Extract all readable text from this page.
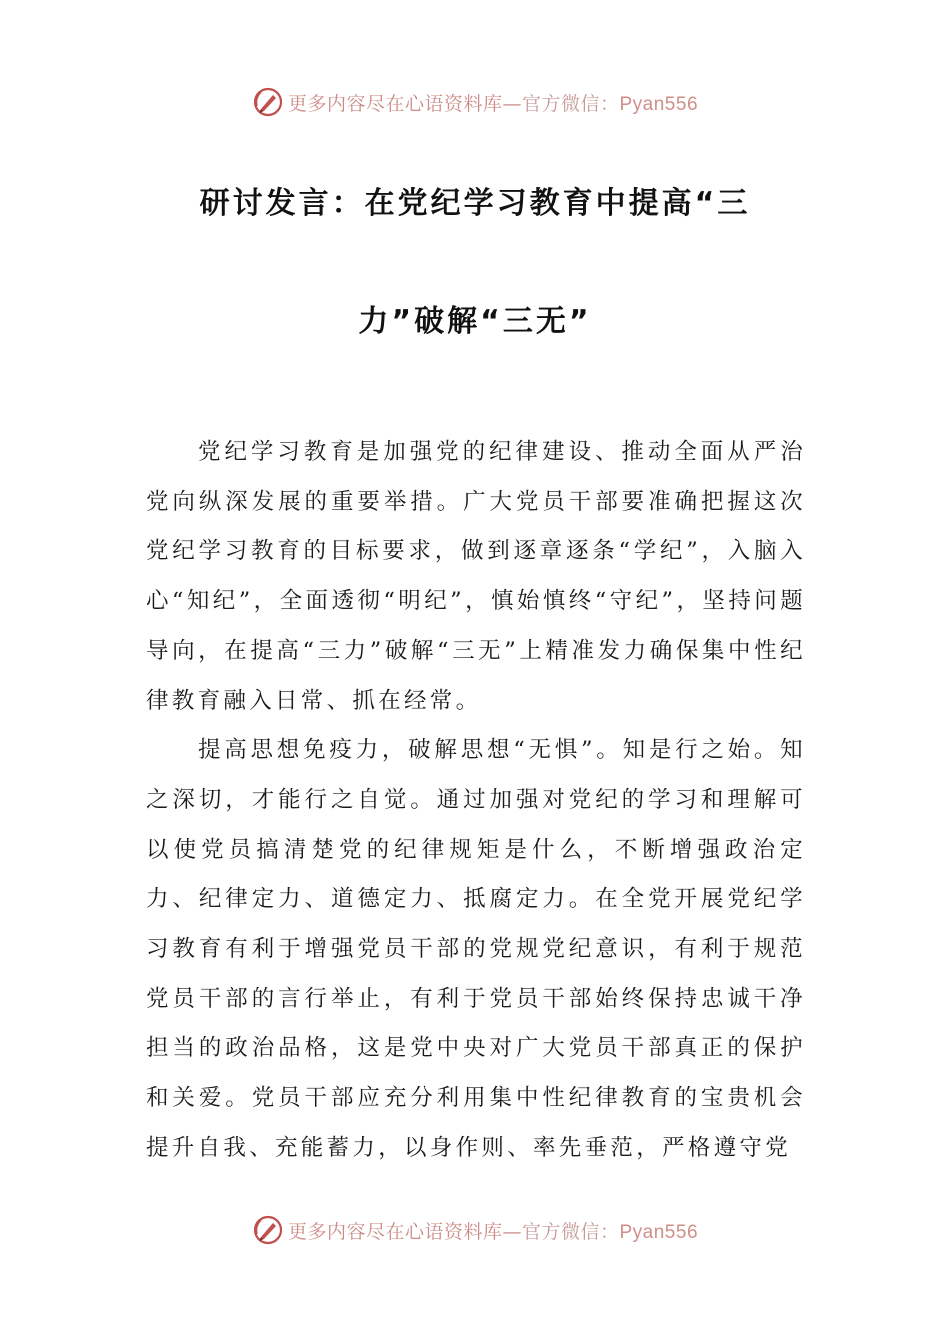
更多内容尽在心语资料库—官方微信：Pyan556
研讨发言：在党纪学习教育中提高“三
力”破解“三无”

党纪学习教育是加强党的纪律建设、推动全面从严治党向纵深发展的重要举措。广大党员干部要准确把握这次党纪学习教育的目标要求，做到逐章逐条“学纪”，入脑入心“知纪”，全面透彻“明纪”，慎始慎终“守纪”，坚持问题导向，在提高“三力”破解“三无”上精准发力确保集中性纪律教育融入日常、抓在经常。

提高思想免疫力，破解思想“无惧”。知是行之始。知之深切，才能行之自觉。通过加强对党纪的学习和理解可以使党员搞清楚党的纪律规矩是什么，不断增强政治定力、纪律定力、道德定力、抵腐定力。在全党开展党纪学习教育有利于增强党员干部的党规党纪意识，有利于规范党员干部的言行举止，有利于党员干部始终保持忠诚干净担当的政治品格，这是党中央对广大党员干部真正的保护和关爱。党员干部应充分利用集中性纪律教育的宝贵机会提升自我、充能蓄力，以身作则、率先垂范，严格遵守党

更多内容尽在心语资料库—官方微信：Pyan556
